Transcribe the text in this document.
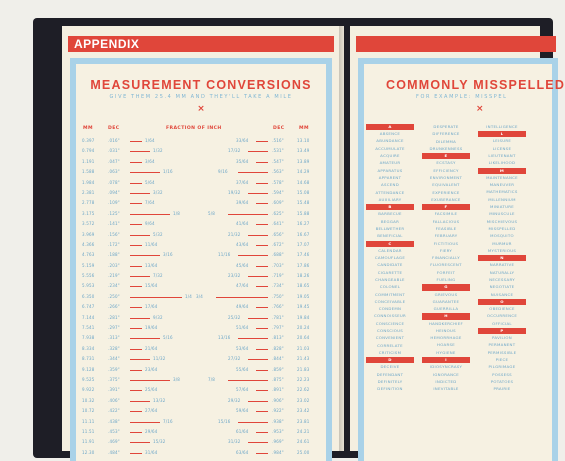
APPENDIX
MEASUREMENT CONVERSIONS
GIVE THEM 25.4 MM AND THEY'LL TAKE A MILE
×
MM	DEC	FRACTION OF INCH	DEC	MM
0.397	.016"	1/64	33/64	.516"	13.10
0.794	.031"	1/32	17/32	.531"	13.49
1.191	.047"	3/64	35/64	.547"	13.89
1.588	.063"	1/16	9/16	.563"	14.29
1.984	.078"	5/64	37/64	.578"	14.68
2.381	.094"	3/32	19/32	.594"	15.08
2.778	.109"	7/64	39/64	.609"	15.48
3.175	.125"	1/8	5/8	.625"	15.88
3.572	.141"	9/64	41/64	.641"	16.27
3.969	.156"	5/32	21/32	.656"	16.67
4.366	.172"	11/64	43/64	.672"	17.07
4.763	.188"	3/16	11/16	.688"	17.46
5.159	.203"	13/64	45/64	.703"	17.86
5.556	.219"	7/32	23/32	.719"	18.26
5.953	.234"	15/64	47/64	.734"	18.65
6.350	.250"	1/4 3/4	.750"	19.05
6.747	.266"	17/64	49/64	.766"	19.45
7.144	.281"	9/32	25/32	.781"	19.84
7.541	.297"	19/64	51/64	.797"	20.24
7.938	.313"	5/16	13/16	.813"	20.64
8.334	.328"	21/64	53/64	.828"	21.03
8.731	.344"	11/32	27/32	.844"	21.43
9.128	.359"	23/64	55/64	.859"	21.83
9.525	.375"	3/8	7/8	.875"	22.23
9.922	.391"	25/64	57/64	.891"	22.62
10.32	.406"	13/32	29/32	.906"	23.02
10.72	.422"	27/64	59/64	.922"	23.42
11.11	.438"	7/16	15/16	.938"	23.81
11.51	.453"	29/64	61/64	.953"	24.21
11.91	.469"	15/32	31/32	.969"	24.61
12.30	.484"	31/64	63/64	.984"	25.00
COMMONLY MISSPELLED
FOR EXAMPLE: MISSPEL
×
A
ABSENCE
ABUNDANCE
ACCUMULATE
ACQUIRE
AMATEUR
APPARATUS
APPARENT
ASCEND
ATTENDANCE
AUXILIARY
B
BARBECUE
BEGGAR
BELLWETHER
BENEFICIAL
C
CALENDAR
CAMOUFLAGE
CANDIDATE
CIGARETTE
CHANGEABLE
COLONEL
COMMITMENT
CONCEIVABLE
CONDEMN
CONNOISSEUR
CONSCIENCE
CONSCIOUS
CONVENIENT
CORRELATE
CRITICISM
D
DECEIVE
DEFENDANT
DEFINITELY
DEFINITION
DESPERATE
DIFFERENCE
DILEMMA
DRUNKENNESS
E
ECSTASY
EFFICIENCY
ENVIRONMENT
EQUIVALENT
EXPERIENCE
EXUBERANCE
F
FACSIMILE
FALLACIOUS
FEASIBLE
FEBRUARY
FICTITIOUS
FIERY
FINANCIALLY
FLUORESCENT
FORFEIT
FUELING
G
GRIEVOUS
GUARANTEE
GUERRILLA
H
HANDKERCHIEF
HEINOUS
HEMORRHAGE
HOARSE
HYGIENE
I
IDIOSYNCRASY
IGNORANCE
INDICTED
INEVITABLE
INTELLIGENCE
L
LEISURE
LICENSE
LIEUTENANT
LIKELIHOOD
M
MAINTENANCE
MANEUVER
MATHEMATICS
MILLENNIUM
MINIATURE
MINUSCULE
MISCHIEVOUS
MISSPELLED
MOSQUITO
MURMUR
MYSTERIOUS
N
NARRATIVE
NATURALLY
NECESSARY
NEGOTIATE
NUISANCE
O
OBEDIENCE
OCCURRENCE
OFFICIAL
P
PAVILION
PERMANENT
PERMISSIBLE
PIECE
PILGRIMAGE
POSSESS
POTATOES
PRAIRIE
